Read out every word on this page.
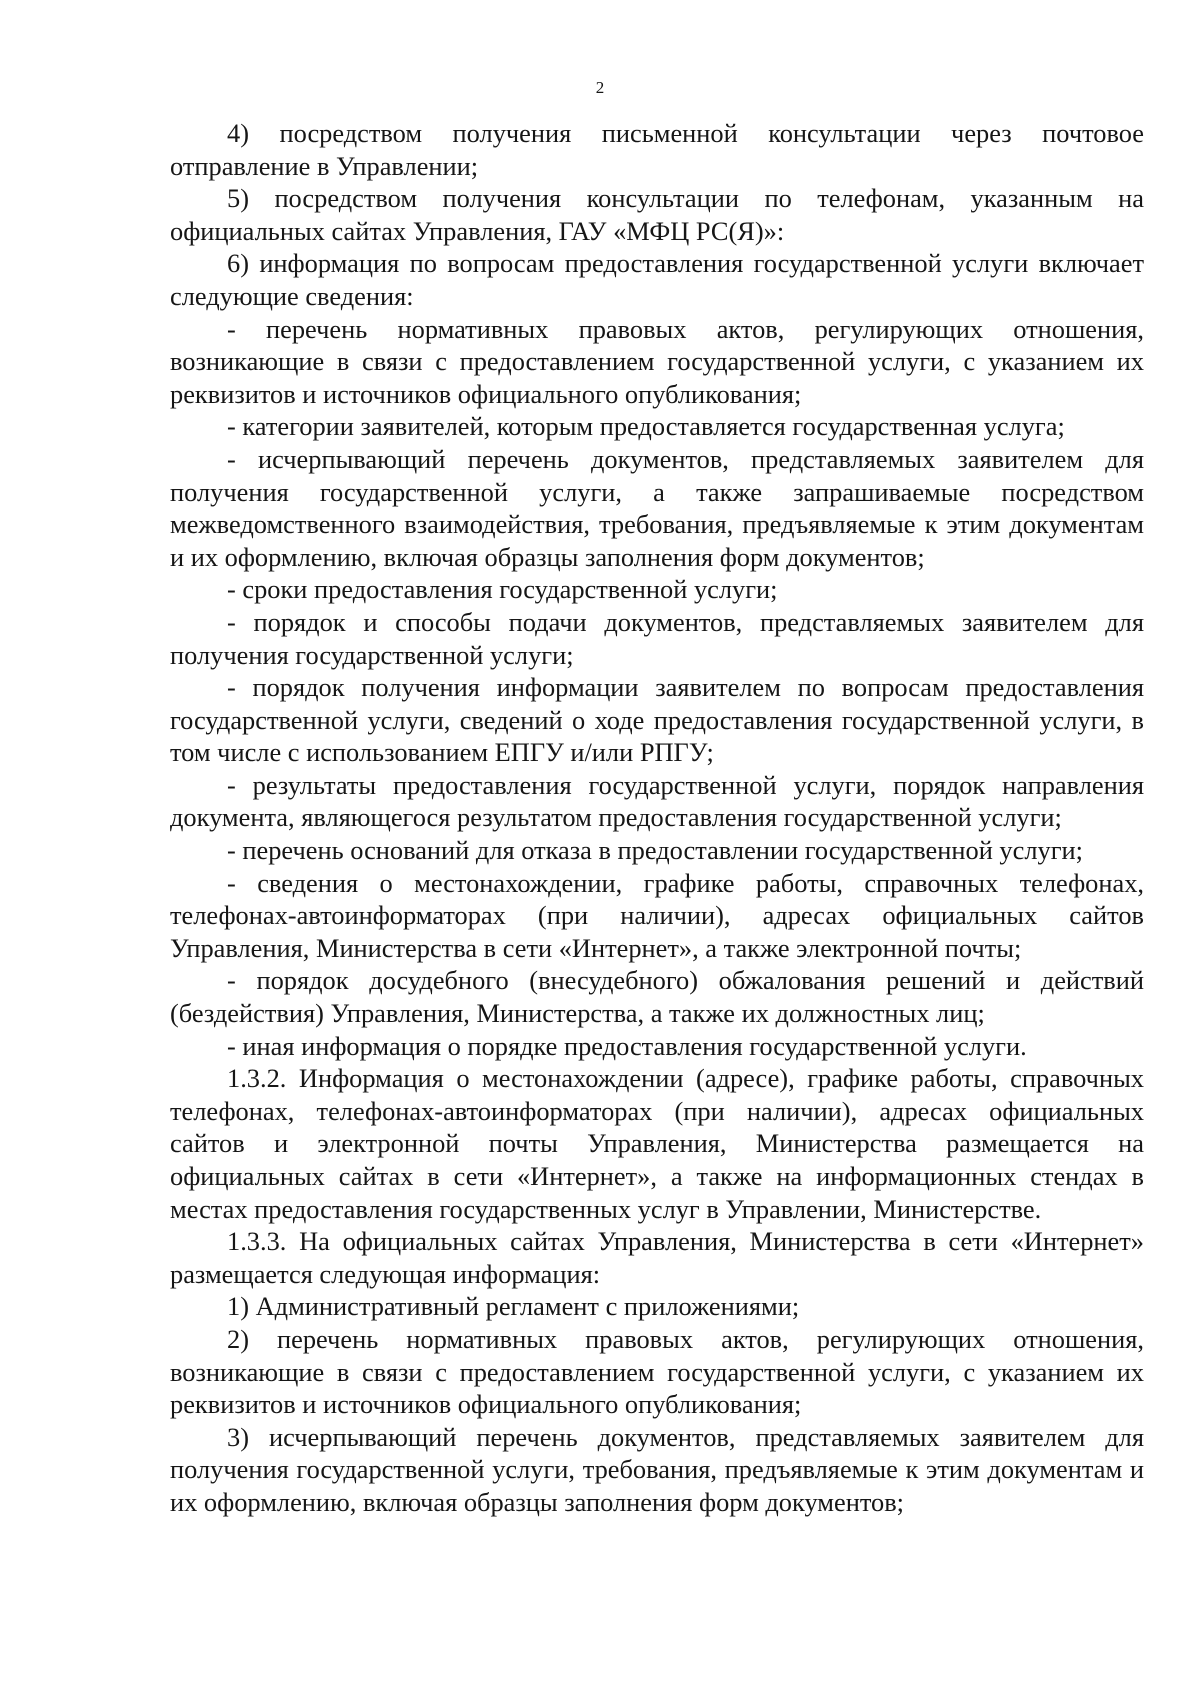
2

4) посредством получения письменной консультации через почтовое отправление в Управлении;

5) посредством получения консультации по телефонам, указанным на официальных сайтах Управления, ГАУ «МФЦ РС(Я)»:

6) информация по вопросам предоставления государственной услуги включает следующие сведения:

- перечень нормативных правовых актов, регулирующих отношения, возникающие в связи с предоставлением государственной услуги, с указанием их реквизитов и источников официального опубликования;

- категории заявителей, которым предоставляется государственная услуга;

- исчерпывающий перечень документов, представляемых заявителем для получения государственной услуги, а также запрашиваемые посредством межведомственного взаимодействия, требования, предъявляемые к этим документам и их оформлению, включая образцы заполнения форм документов;

- сроки предоставления государственной услуги;

- порядок и способы подачи документов, представляемых заявителем для получения государственной услуги;

- порядок получения информации заявителем по вопросам предоставления государственной услуги, сведений о ходе предоставления государственной услуги, в том числе с использованием ЕПГУ и/или РПГУ;

- результаты предоставления государственной услуги, порядок направления документа, являющегося результатом предоставления государственной услуги;

- перечень оснований для отказа в предоставлении государственной услуги;

- сведения о местонахождении, графике работы, справочных телефонах, телефонах-автоинформаторах (при наличии), адресах официальных сайтов Управления, Министерства в сети «Интернет», а также электронной почты;

- порядок досудебного (внесудебного) обжалования решений и действий (бездействия) Управления, Министерства, а также их должностных лиц;

- иная информация о порядке предоставления государственной услуги.

1.3.2. Информация о местонахождении (адресе), графике работы, справочных телефонах, телефонах-автоинформаторах (при наличии), адресах официальных сайтов и электронной почты Управления, Министерства размещается на официальных сайтах в сети «Интернет», а также на информационных стендах в местах предоставления государственных услуг в Управлении, Министерстве.

1.3.3. На официальных сайтах Управления, Министерства в сети «Интернет» размещается следующая информация:

1) Административный регламент с приложениями;

2) перечень нормативных правовых актов, регулирующих отношения, возникающие в связи с предоставлением государственной услуги, с указанием их реквизитов и источников официального опубликования;

3) исчерпывающий перечень документов, представляемых заявителем для получения государственной услуги, требования, предъявляемые к этим документам и их оформлению, включая образцы заполнения форм документов;
